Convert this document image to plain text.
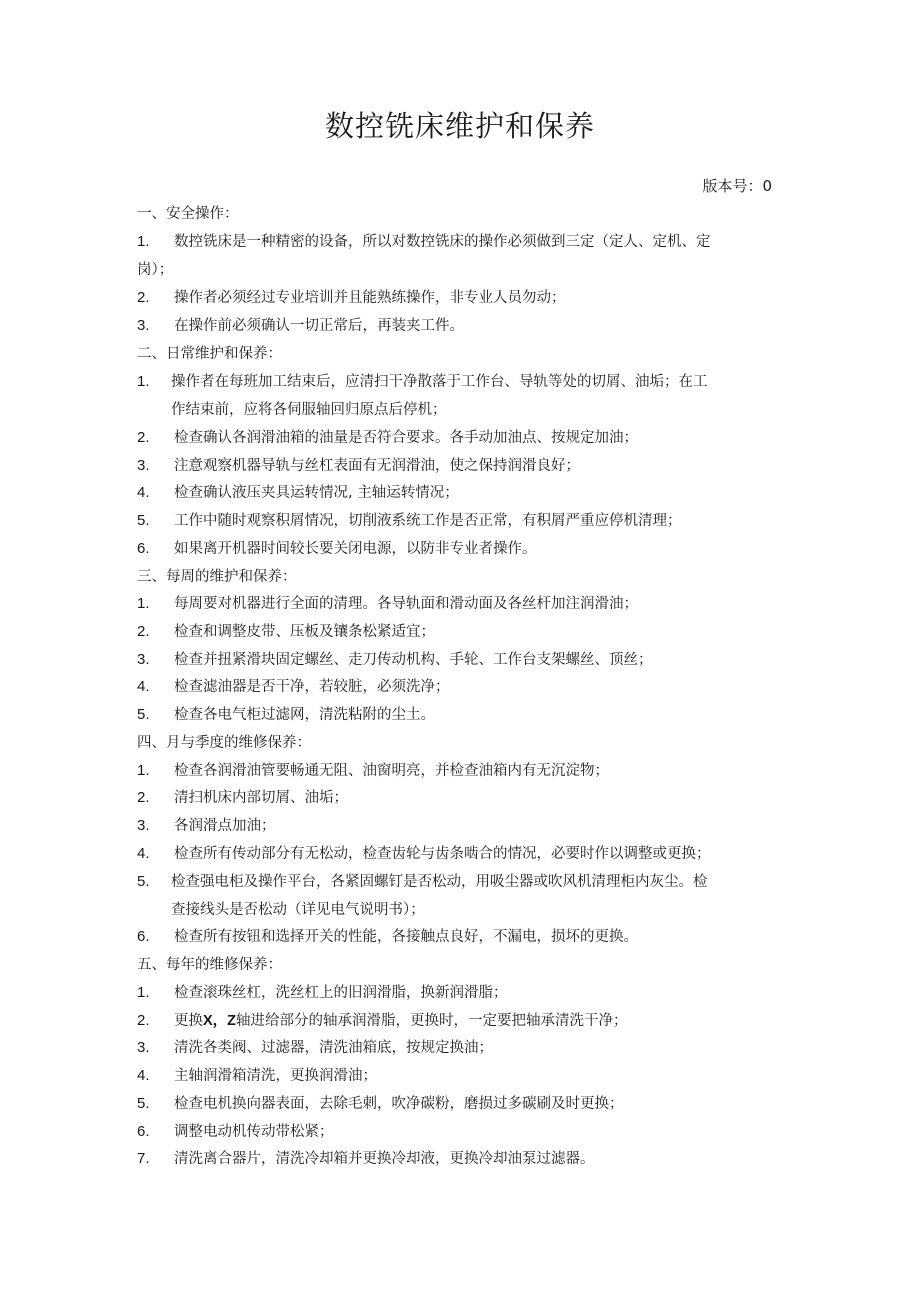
数控铣床维护和保养
版本号：0
一、安全操作：
1.	数控铣床是一种精密的设备，所以对数控铣床的操作必须做到三定（定人、定机、定
岗）；
2.	操作者必须经过专业培训并且能熟练操作，非专业人员勿动；
3.	在操作前必须确认一切正常后，再装夹工件。
二、日常维护和保养：
1.	操作者在每班加工结束后，应清扫干净散落于工作台、导轨等处的切屑、油垢；在工
作结束前，应将各伺服轴回归原点后停机；
2.	检查确认各润滑油箱的油量是否符合要求。各手动加油点、按规定加油；
3.	注意观察机器导轨与丝杠表面有无润滑油，使之保持润滑良好；
4.	检查确认液压夹具运转情况, 主轴运转情况；
5.	工作中随时观察积屑情况，切削液系统工作是否正常，有积屑严重应停机清理；
6.	如果离开机器时间较长要关闭电源，以防非专业者操作。
三、每周的维护和保养：
1.	每周要对机器进行全面的清理。各导轨面和滑动面及各丝杆加注润滑油；
2.	检查和调整皮带、压板及镶条松紧适宜；
3.	检查并扭紧滑块固定螺丝、走刀传动机构、手轮、工作台支架螺丝、顶丝；
4.	检查滤油器是否干净，若较脏，必须洗净；
5.	检查各电气柜过滤网，清洗粘附的尘土。
四、月与季度的维修保养：
1.	检查各润滑油管要畅通无阻、油窗明亮，并检查油箱内有无沉淀物；
2.	清扫机床内部切屑、油垢；
3.	各润滑点加油；
4.	检查所有传动部分有无松动，检查齿轮与齿条啮合的情况，必要时作以调整或更换；
5.	检查强电柜及操作平台，各紧固螺钉是否松动，用吸尘器或吹风机清理柜内灰尘。检
查接线头是否松动（详见电气说明书）；
6.	检查所有按钮和选择开关的性能，各接触点良好，不漏电，损坏的更换。
五、每年的维修保养：
1.	检查滚珠丝杠，洗丝杠上的旧润滑脂，换新润滑脂；
2.	更换X，Z轴进给部分的轴承润滑脂，更换时，一定要把轴承清洗干净；
3.	清洗各类阀、过滤器，清洗油箱底，按规定换油；
4.	主轴润滑箱清洗，更换润滑油；
5.	检查电机换向器表面，去除毛刺，吹净碳粉，磨损过多碳刷及时更换；
6.	调整电动机传动带松紧；
7.	清洗离合器片，清洗冷却箱并更换冷却液，更换冷却油泵过滤器。
